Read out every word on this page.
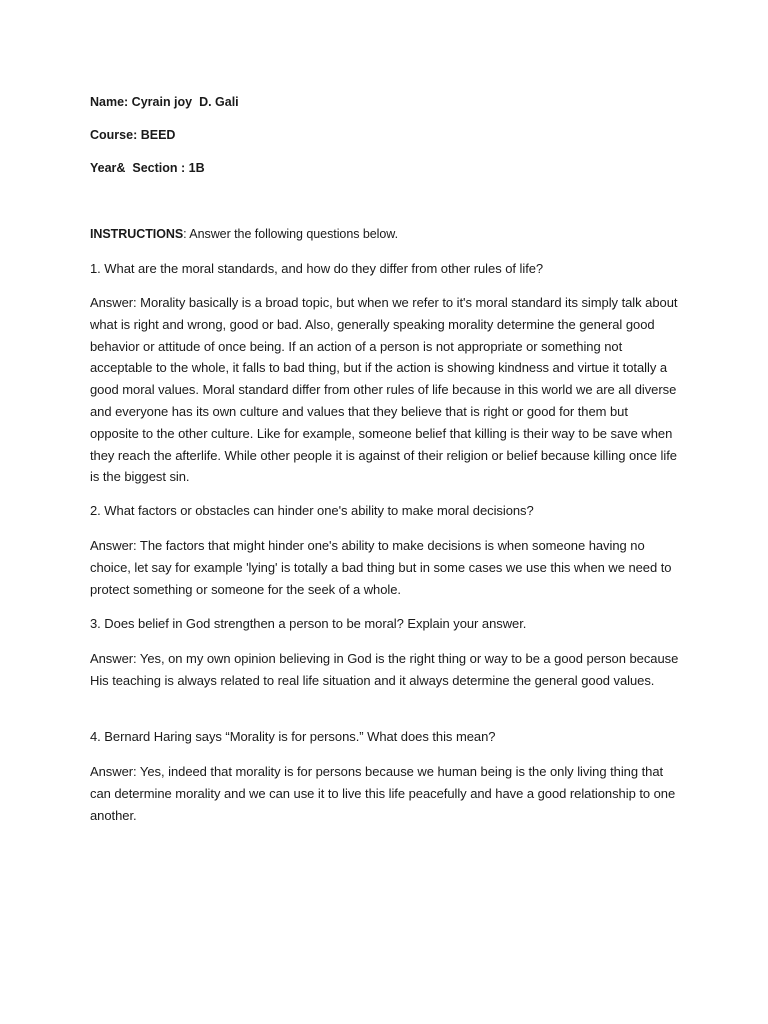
Name: Cyrain joy  D. Gali
Course: BEED
Year&  Section : 1B
INSTRUCTIONS: Answer the following questions below.
1. What are the moral standards, and how do they differ from other rules of life?
Answer: Morality basically is a broad topic, but when we refer to it's moral standard its simply talk about what is right and wrong, good or bad. Also, generally speaking morality determine the general good behavior or attitude of once being. If an action of a person is not appropriate or something not acceptable to the whole, it falls to bad thing, but if the action is showing kindness and virtue it totally a good moral values. Moral standard differ from other rules of life because in this world we are all diverse and everyone has its own culture and values that they believe that is right or good for them but opposite to the other culture. Like for example, someone belief that killing is their way to be save when they reach the afterlife. While other people it is against of their religion or belief because killing once life is the biggest sin.
2. What factors or obstacles can hinder one's ability to make moral decisions?
Answer: The factors that might hinder one's ability to make decisions is when someone having no choice, let say for example 'lying' is totally a bad thing but in some cases we use this when we need to protect something or someone for the seek of a whole.
3. Does belief in God strengthen a person to be moral? Explain your answer.
Answer: Yes, on my own opinion believing in God is the right thing or way to be a good person because His teaching is always related to real life situation and it always determine the general good values.
4. Bernard Haring says “Morality is for persons.” What does this mean?
Answer: Yes, indeed that morality is for persons because we human being is the only living thing that can determine morality and we can use it to live this life peacefully and have a good relationship to one another.
